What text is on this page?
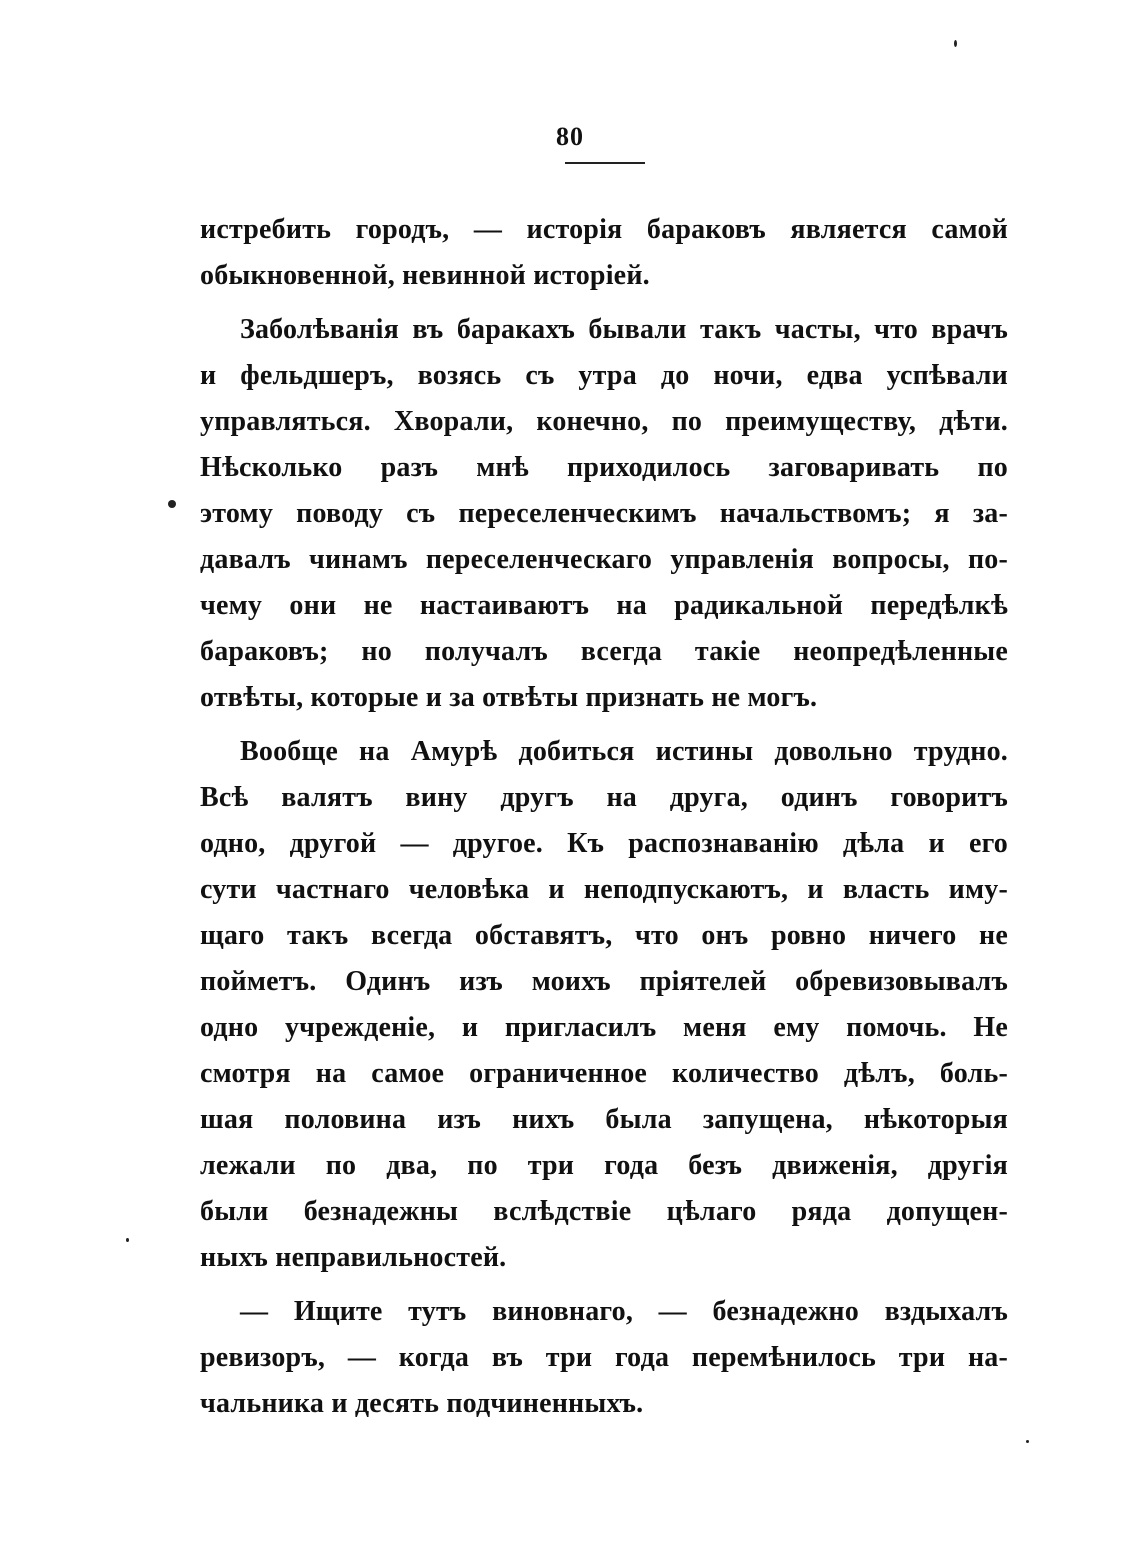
80
истребить городъ, — исторія бараковъ является самой
обыкновенной, невинной исторіей.
Заболѣванія въ баракахъ бывали такъ часты, что врачъ
и фельдшеръ, возясь съ утра до ночи, едва успѣвали
управляться. Хворали, конечно, по преимуществу, дѣти.
Нѣсколько разъ мнѣ приходилось заговаривать по
этому поводу съ переселенческимъ начальствомъ; я за-
давалъ чинамъ переселенческаго управленія вопросы, по-
чему они не настаиваютъ на радикальной передѣлкѣ
бараковъ; но получалъ всегда такіе неопредѣленные
отвѣты, которые и за отвѣты признать не могъ.
Вообще на Амурѣ добиться истины довольно трудно.
Всѣ валятъ вину другъ на друга, одинъ говоритъ
одно, другой — другое. Къ распознаванію дѣла и его
сути частнаго человѣка и неподпускаютъ, и власть иму-
щаго такъ всегда обставятъ, что онъ ровно ничего не
пойметъ. Одинъ изъ моихъ пріятелей обревизовывалъ
одно учрежденіе, и пригласилъ меня ему помочь. Не
смотря на самое ограниченное количество дѣлъ, боль-
шая половина изъ нихъ была запущена, нѣкоторыя
лежали по два, по три года безъ движенія, другія
были безнадежны вслѣдствіе цѣлаго ряда допущен-
ныхъ неправильностей.
— Ищите тутъ виновнаго, — безнадежно вздыхалъ
ревизоръ, — когда въ три года перемѣнилось три на-
чальника и десять подчиненныхъ.
